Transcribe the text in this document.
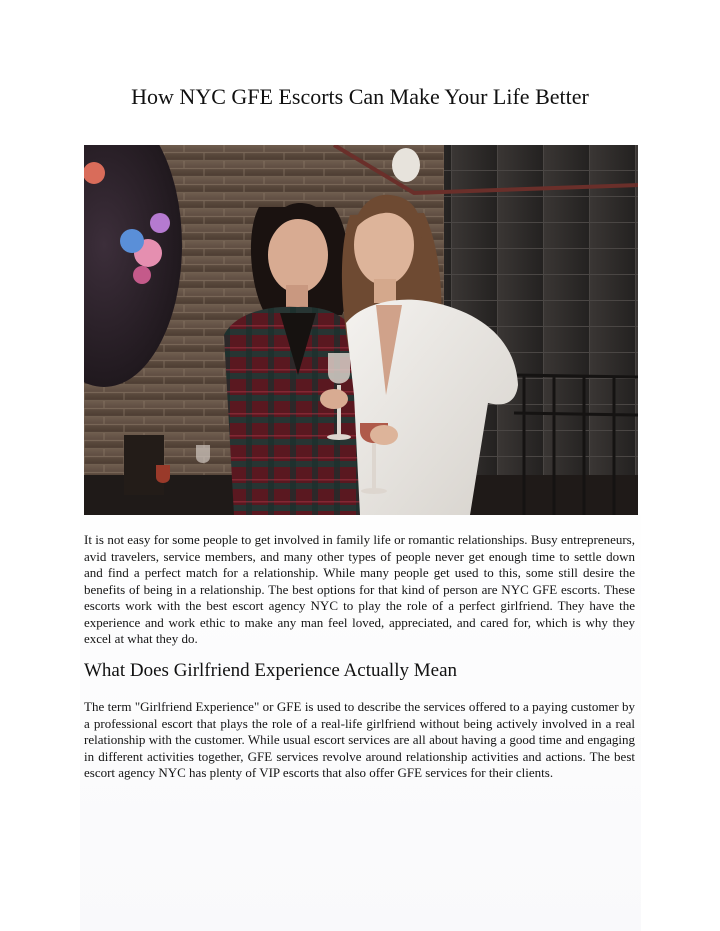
How NYC GFE Escorts Can Make Your Life Better

It is not easy for some people to get involved in family life or romantic relationships. Busy entrepreneurs, avid travelers, service members, and many other types of people never get enough time to settle down and find a perfect match for a relationship. While many people get used to this, some still desire the benefits of being in a relationship. The best options for that kind of person are NYC GFE escorts. These escorts work with the best escort agency NYC to play the role of a perfect girlfriend. They have the experience and work ethic to make any man feel loved, appreciated, and cared for, which is why they excel at what they do.

What Does Girlfriend Experience Actually Mean

The term "Girlfriend Experience" or GFE is used to describe the services offered to a paying customer by a professional escort that plays the role of a real-life girlfriend without being actively involved in a real relationship with the customer. While usual escort services are all about having a good time and engaging in different activities together, GFE services revolve around relationship activities and actions. The best escort agency NYC has plenty of VIP escorts that also offer GFE services for their clients.
